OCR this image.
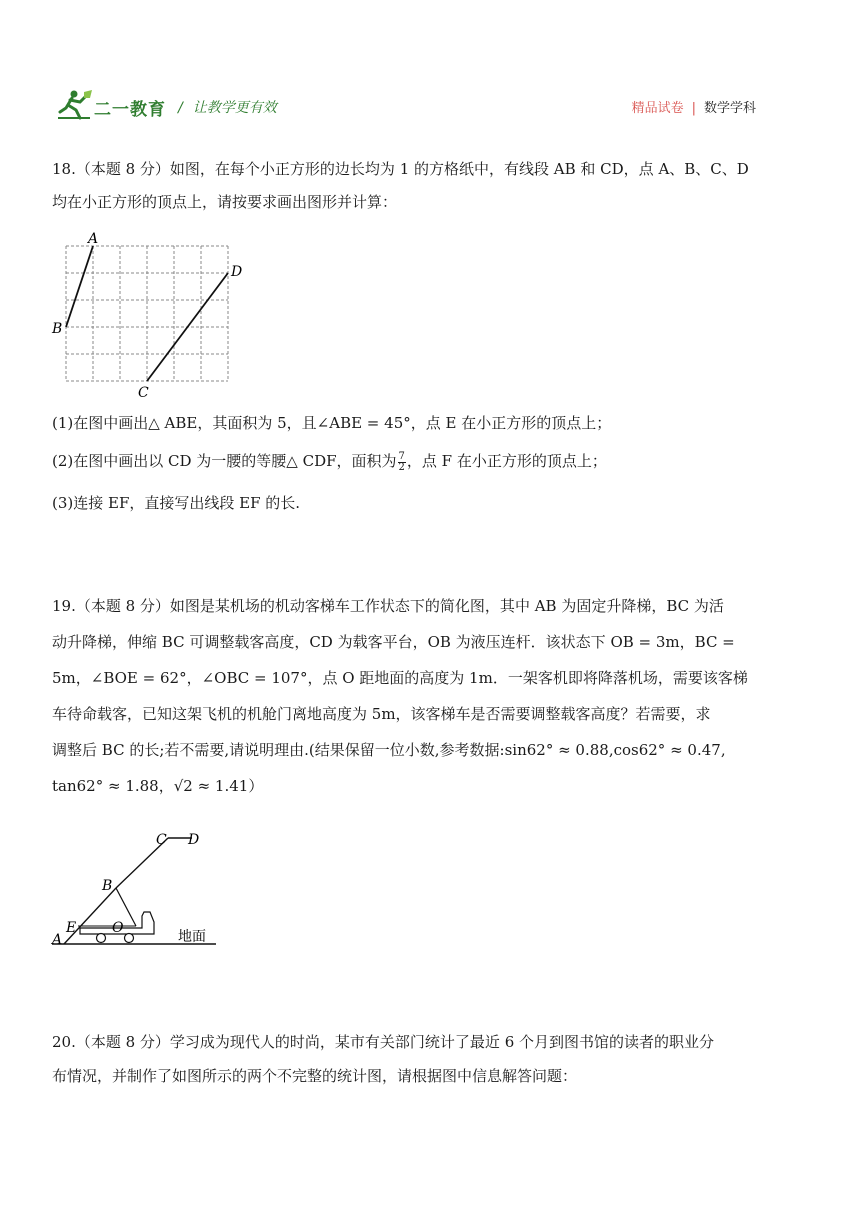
二一教育 / 让教学更有效	精品试卷 | 数学学科

18.（本题 8 分）如图，在每个小正方形的边长均为 1 的方格纸中，有线段 AB 和 CD，点 A、B、C、D

均在小正方形的顶点上，请按要求画出图形并计算：

A
B
C
D

(1)在图中画出△ ABE，其面积为 5，且∠ABE = 45°，点 E 在小正方形的顶点上；

(2)在图中画出以 CD 为一腰的等腰△ CDF，面积为 $\frac{7}{2}$ ，点 F 在小正方形的顶点上；

(3)连接 EF，直接写出线段 EF 的长.

19.（本题 8 分）如图是某机场的机动客梯车工作状态下的简化图，其中 AB 为固定升降梯，BC 为活

动升降梯，伸缩 BC 可调整载客高度，CD 为载客平台，OB 为液压连杆．该状态下 OB = 3m，BC =

5m，∠BOE = 62°，∠OBC = 107°，点 O 距地面的高度为 1m．一架客机即将降落机场，需要该客梯

车待命载客，已知这架飞机的机舱门离地高度为 5m，该客梯车是否需要调整载客高度？若需要，求

调整后 BC 的长;若不需要,请说明理由.(结果保留一位小数,参考数据:sin62° ≈ 0.88,cos62° ≈ 0.47,

tan62° ≈ 1.88，√2 ≈ 1.41）

C D
B
E	O
A	地面

20.（本题 8 分）学习成为现代人的时尚，某市有关部门统计了最近 6 个月到图书馆的读者的职业分

布情况，并制作了如图所示的两个不完整的统计图，请根据图中信息解答问题：
